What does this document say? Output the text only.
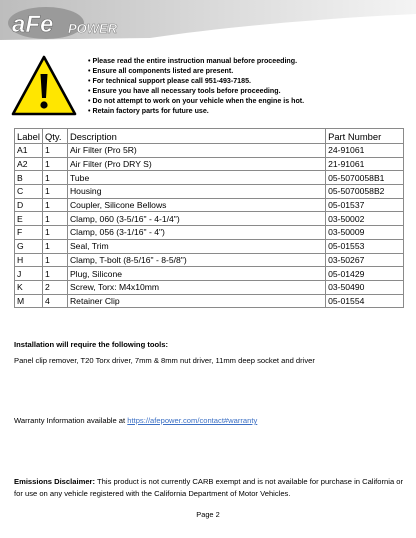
aFe POWER
• Please read the entire instruction manual before proceeding.
• Ensure all components listed are present.
• For technical support please call 951-493-7185.
• Ensure you have all necessary tools before proceeding.
• Do not attempt to work on your vehicle when the engine is hot.
• Retain factory parts for future use.
Label	Qty.	Description	Part Number
A1	1	Air Filter (Pro 5R)	24-91061
A2	1	Air Filter (Pro DRY S)	21-91061
B	1	Tube	05-5070058B1
C	1	Housing	05-5070058B2
D	1	Coupler, Silicone Bellows	05-01537
E	1	Clamp, 060 (3-5/16" - 4-1/4")	03-50002
F	1	Clamp, 056 (3-1/16" - 4")	03-50009
G	1	Seal, Trim	05-01553
H	1	Clamp, T-bolt (8-5/16" - 8-5/8")	03-50267
J	1	Plug, Silicone	05-01429
K	2	Screw, Torx: M4x10mm	03-50490
M	4	Retainer Clip	05-01554
Installation will require the following tools:
Panel clip remover, T20 Torx driver, 7mm & 8mm nut driver, 11mm deep socket and driver
Warranty Information available at https://afepower.com/contact#warranty
Emissions Disclaimer: This product is not currently CARB exempt and is not available for purchase in California or for use on any vehicle registered with the California Department of Motor Vehicles.
Page 2
